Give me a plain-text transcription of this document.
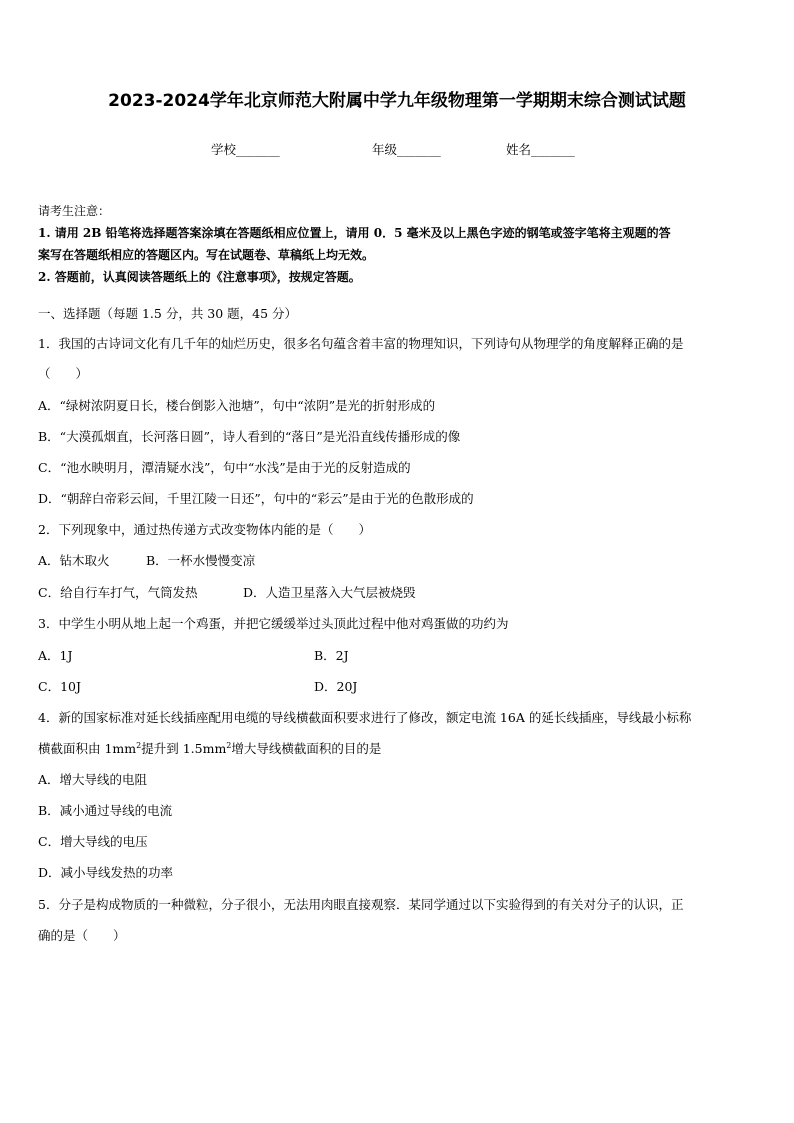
2023-2024学年北京师范大附属中学九年级物理第一学期期末综合测试试题
学校_______	年级_______	姓名_______
请考生注意：
1. 请用 2B 铅笔将选择题答案涂填在答题纸相应位置上，请用 0．5 毫米及以上黑色字迹的钢笔或签字笔将主观题的答
案写在答题纸相应的答题区内。写在试题卷、草稿纸上均无效。
2. 答题前，认真阅读答题纸上的《注意事项》，按规定答题。
一、选择题（每题 1.5 分，共 30 题，45 分）
1．我国的古诗词文化有几千年的灿烂历史，很多名句蕴含着丰富的物理知识，下列诗句从物理学的角度解释正确的是
（　　）
A．“绿树浓阴夏日长，楼台倒影入池塘”，句中“浓阴”是光的折射形成的
B．“大漠孤烟直，长河落日圆”，诗人看到的“落日”是光沿直线传播形成的像
C．“池水映明月，潭清疑水浅”，句中“水浅”是由于光的反射造成的
D．“朝辞白帝彩云间，千里江陵一日还”，句中的“彩云”是由于光的色散形成的
2．下列现象中，通过热传递方式改变物体内能的是（　　）
A．钻木取火	B．一杯水慢慢变凉
C．给自行车打气，气筒发热	D．人造卫星落入大气层被烧毁
3．中学生小明从地上起一个鸡蛋，并把它缓缓举过头顶此过程中他对鸡蛋做的功约为
A．1J	B．2J
C．10J	D．20J
4．新的国家标准对延长线插座配用电缆的导线横截面积要求进行了修改，额定电流 16A 的延长线插座，导线最小标称
横截面积由 $1mm^2$提升到 $1.5mm^2$增大导线横截面积的目的是
A．增大导线的电阻
B．减小通过导线的电流
C．增大导线的电压
D．减小导线发热的功率
5．分子是构成物质的一种微粒，分子很小，无法用肉眼直接观察．某同学通过以下实验得到的有关对分子的认识，正
确的是（　　）
